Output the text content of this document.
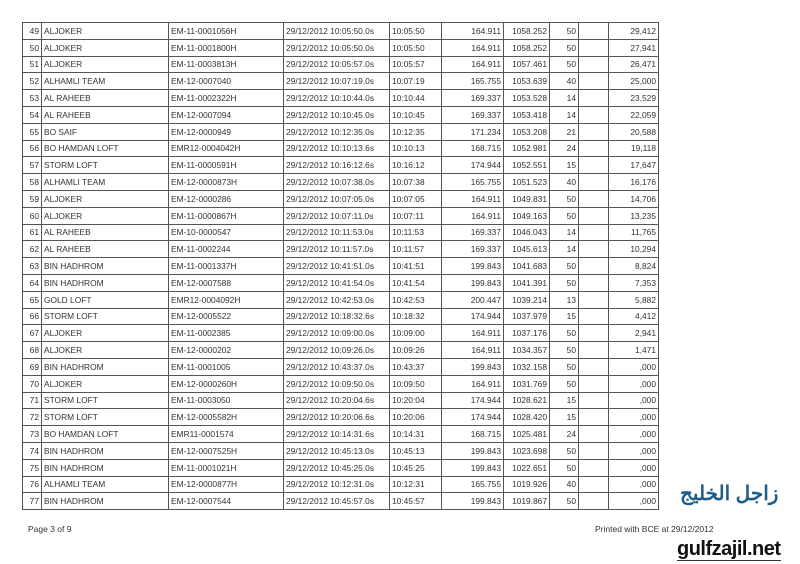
49	ALJOKER	EM-11-0001056H	29/12/2012 10:05:50.0s	10:05:50	164.911	1058.252	50		29,412
50	ALJOKER	EM-11-0001800H	29/12/2012 10:05:50.0s	10:05:50	164.911	1058.252	50		27,941
51	ALJOKER	EM-11-0003813H	29/12/2012 10:05:57.0s	10:05:57	164.911	1057.461	50		26,471
52	ALHAMLI TEAM	EM-12-0007040	29/12/2012 10:07:19.0s	10:07:19	165.755	1053.639	40		25,000
53	AL RAHEEB	EM-11-0002322H	29/12/2012 10:10:44.0s	10:10:44	169.337	1053.528	14		23,529
54	AL RAHEEB	EM-12-0007094	29/12/2012 10:10:45.0s	10:10:45	169.337	1053.418	14		22,059
55	BO SAIF	EM-12-0000949	29/12/2012 10:12:35.0s	10:12:35	171.234	1053.208	21		20,588
56	BO HAMDAN LOFT	EMR12-0004042H	29/12/2012 10:10:13.6s	10:10:13	168.715	1052.981	24		19,118
57	STORM LOFT	EM-11-0000591H	29/12/2012 10:16:12.6s	10:16:12	174.944	1052.551	15		17,647
58	ALHAMLI TEAM	EM-12-0000873H	29/12/2012 10:07:38.0s	10:07:38	165.755	1051.523	40		16,176
59	ALJOKER	EM-12-0000286	29/12/2012 10:07:05.0s	10:07:05	164.911	1049.831	50		14,706
60	ALJOKER	EM-11-0000867H	29/12/2012 10:07:11.0s	10:07:11	164.911	1049.163	50		13,235
61	AL RAHEEB	EM-10-0000547	29/12/2012 10:11:53.0s	10:11:53	169.337	1046.043	14		11,765
62	AL RAHEEB	EM-11-0002244	29/12/2012 10:11:57.0s	10:11:57	169.337	1045.613	14		10,294
63	BIN HADHROM	EM-11-0001337H	29/12/2012 10:41:51.0s	10:41:51	199.843	1041.683	50		8,824
64	BIN HADHROM	EM-12-0007588	29/12/2012 10:41:54.0s	10:41:54	199.843	1041.391	50		7,353
65	GOLD LOFT	EMR12-0004092H	29/12/2012 10:42:53.0s	10:42:53	200.447	1039.214	13		5,882
66	STORM LOFT	EM-12-0005522	29/12/2012 10:18:32.6s	10:18:32	174.944	1037.979	15		4,412
67	ALJOKER	EM-11-0002385	29/12/2012 10:09:00.0s	10:09:00	164.911	1037.176	50		2,941
68	ALJOKER	EM-12-0000202	29/12/2012 10:09:26.0s	10:09:26	164.911	1034.357	50		1,471
69	BIN HADHROM	EM-11-0001005	29/12/2012 10:43:37.0s	10:43:37	199.843	1032.158	50		,000
70	ALJOKER	EM-12-0000260H	29/12/2012 10:09:50.0s	10:09:50	164.911	1031.769	50		,000
71	STORM LOFT	EM-11-0003050	29/12/2012 10:20:04.6s	10:20:04	174.944	1028.621	15		,000
72	STORM LOFT	EM-12-0005582H	29/12/2012 10:20:06.6s	10:20:06	174.944	1028.420	15		,000
73	BO HAMDAN LOFT	EMR11-0001574	29/12/2012 10:14:31.6s	10:14:31	168.715	1025.481	24		,000
74	BIN HADHROM	EM-12-0007525H	29/12/2012 10:45:13.0s	10:45:13	199.843	1023.698	50		,000
75	BIN HADHROM	EM-11-0001021H	29/12/2012 10:45:25.0s	10:45:25	199.843	1022.651	50		,000
76	ALHAMLI TEAM	EM-12-0000877H	29/12/2012 10:12:31.0s	10:12:31	165.755	1019.926	40		,000
77	BIN HADHROM	EM-12-0007544	29/12/2012 10:45:57.0s	10:45:57	199.843	1019.867	50		,000
Page 3 of 9	Printed with BCE at 29/12/2012
زاجل الخليج
gulfzajil.net
